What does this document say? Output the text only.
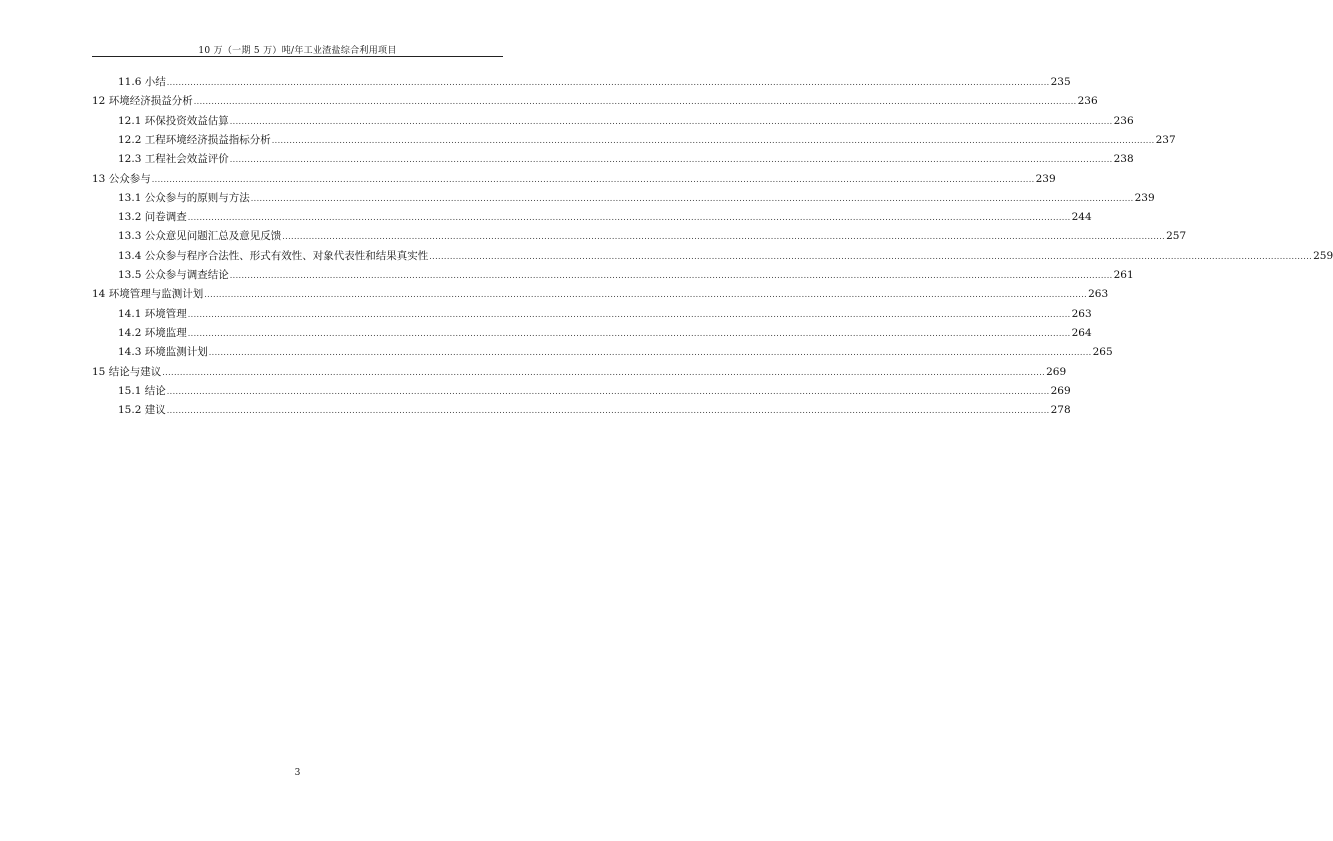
10 万（一期 5 万）吨/年工业渣盐综合利用项目
11.6 小结 ............................................................................................................................................................................................................................................................................................................ 235
12 环境经济损益分析 ............................................................................................................................................................................................................................................................................................................ 236
12.1 环保投资效益估算 ............................................................................................................................................................................................................................................................................................................ 236
12.2 工程环境经济损益指标分析 ............................................................................................................................................................................................................................................................................................................ 237
12.3 工程社会效益评价 ............................................................................................................................................................................................................................................................................................................ 238
13 公众参与 ............................................................................................................................................................................................................................................................................................................ 239
13.1 公众参与的原则与方法 ............................................................................................................................................................................................................................................................................................................ 239
13.2 问卷调查 ............................................................................................................................................................................................................................................................................................................ 244
13.3 公众意见问题汇总及意见反馈 ............................................................................................................................................................................................................................................................................................................ 257
13.4 公众参与程序合法性、形式有效性、对象代表性和结果真实性 ............................................................................................................................................................................................................................................................................................................ 259
13.5 公众参与调查结论 ............................................................................................................................................................................................................................................................................................................ 261
14 环境管理与监测计划 ............................................................................................................................................................................................................................................................................................................ 263
14.1 环境管理 ............................................................................................................................................................................................................................................................................................................ 263
14.2 环境监理 ............................................................................................................................................................................................................................................................................................................ 264
14.3 环境监测计划 ............................................................................................................................................................................................................................................................................................................ 265
15 结论与建议 ............................................................................................................................................................................................................................................................................................................ 269
15.1 结论 ............................................................................................................................................................................................................................................................................................................ 269
15.2 建议 ............................................................................................................................................................................................................................................................................................................ 278
3
